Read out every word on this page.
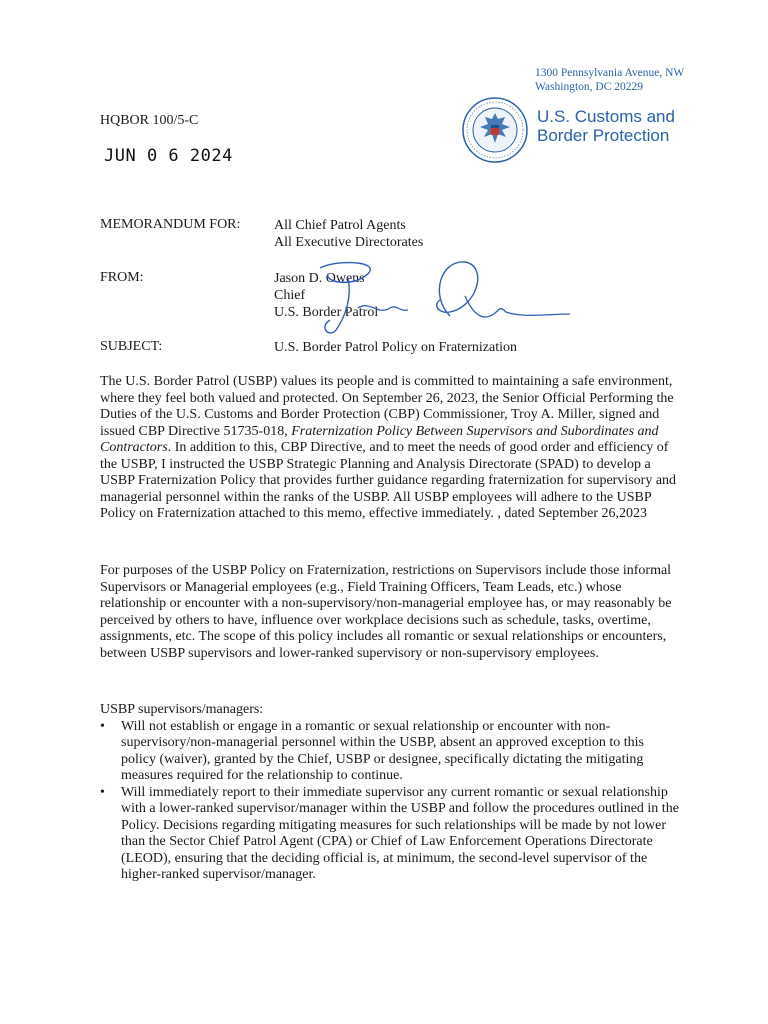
1300 Pennsylvania Avenue, NW
Washington, DC 20229
U.S. Customs and
Border Protection
HQBOR 100/5-C
JUN 0 6 2024
MEMORANDUM FOR: All Chief Patrol Agents
All Executive Directorates
FROM:	Jason D. Owens
Chief
U.S. Border Patrol
SUBJECT:	U.S. Border Patrol Policy on Fraternization

The U.S. Border Patrol (USBP) values its people and is committed to maintaining a safe environment, where they feel both valued and protected. On September 26, 2023, the Senior Official Performing the Duties of the U.S. Customs and Border Protection (CBP) Commissioner, Troy A. Miller, signed and issued CBP Directive 51735-018, Fraternization Policy Between Supervisors and Subordinates and Contractors. In addition to this, CBP Directive, and to meet the needs of good order and efficiency of the USBP, I instructed the USBP Strategic Planning and Analysis Directorate (SPAD) to develop a USBP Fraternization Policy that provides further guidance regarding fraternization for supervisory and managerial personnel within the ranks of the USBP. All USBP employees will adhere to the USBP Policy on Fraternization attached to this memo, effective immediately. , dated September 26,2023

For purposes of the USBP Policy on Fraternization, restrictions on Supervisors include those informal Supervisors or Managerial employees (e.g., Field Training Officers, Team Leads, etc.) whose relationship or encounter with a non-supervisory/non-managerial employee has, or may reasonably be perceived by others to have, influence over workplace decisions such as schedule, tasks, overtime, assignments, etc. The scope of this policy includes all romantic or sexual relationships or encounters, between USBP supervisors and lower-ranked supervisory or non-supervisory employees.

USBP supervisors/managers:

• Will not establish or engage in a romantic or sexual relationship or encounter with non-supervisory/non-managerial personnel within the USBP, absent an approved exception to this policy (waiver), granted by the Chief, USBP or designee, specifically dictating the mitigating measures required for the relationship to continue.
• Will immediately report to their immediate supervisor any current romantic or sexual relationship with a lower-ranked supervisor/manager within the USBP and follow the procedures outlined in the Policy. Decisions regarding mitigating measures for such relationships will be made by not lower than the Sector Chief Patrol Agent (CPA) or Chief of Law Enforcement Operations Directorate (LEOD), ensuring that the deciding official is, at minimum, the second-level supervisor of the higher-ranked supervisor/manager.
